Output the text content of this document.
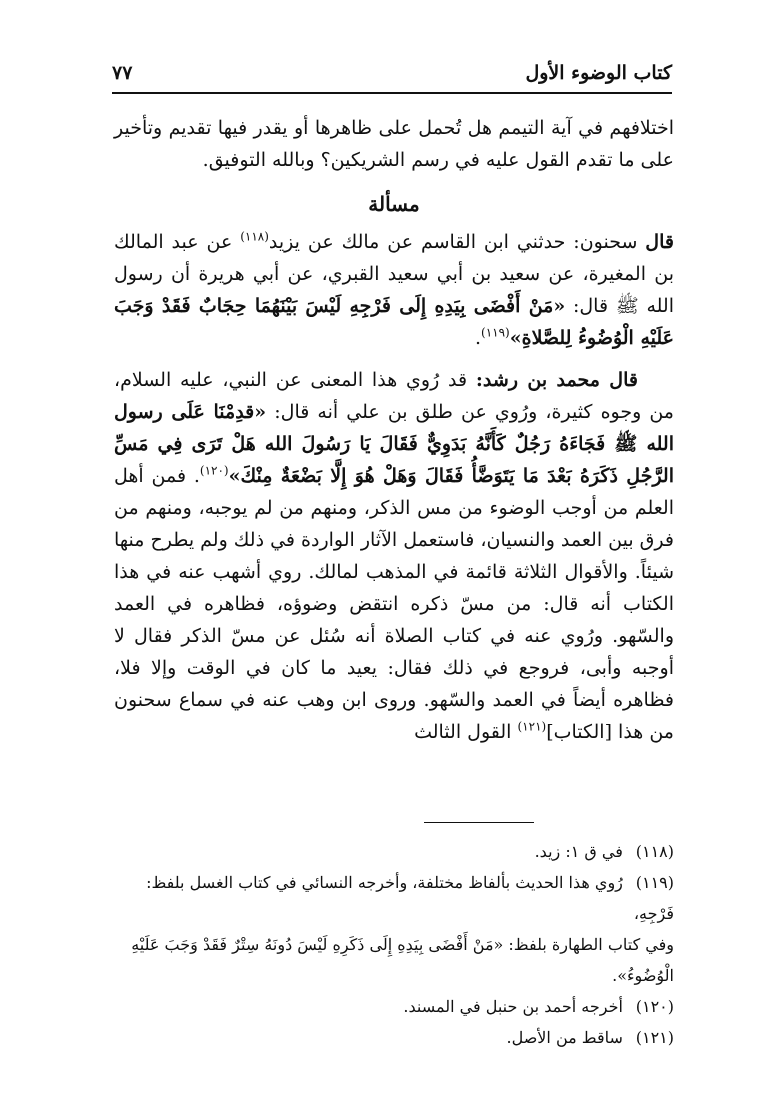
كتاب الوضوء الأول
٧٧

اختلافهم في آية التيمم هل تُحمل على ظاهرها أو يقدر فيها تقديم وتأخير على ما تقدم القول عليه في رسم الشريكين؟ وبالله التوفيق.

مسألة

قال سحنون: حدثني ابن القاسم عن مالك عن يزيد$^{(١١٨)}$ عن عبد المالك بن المغيرة، عن سعيد بن أبي سعيد القبري، عن أبي هريرة أن رسول الله ﷺ قال: «مَنْ أَفْضَى بِيَدِهِ إِلَى فَرْجِهِ لَيْسَ بَيْنَهُمَا حِجَابٌ فَقَدْ وَجَبَ عَلَيْهِ الْوُضُوءُ لِلصَّلاةِ»$^{(١١٩)}$.

قال محمد بن رشد: قد رُوي هذا المعنى عن النبي، عليه السلام، من وجوه كثيرة، ورُوي عن طلق بن علي أنه قال: «قدِمْنَا عَلَى رسول الله ﷺ فَجَاءَهُ رَجُلٌ كَأَنَّهُ بَدَوِيٌّ فَقَالَ يَا رَسُولَ الله هَلْ تَرَى فِي مَسِّ الرَّجُلِ ذَكَرَهُ بَعْدَ مَا يَتَوَضَّأُ فَقَالَ وَهَلْ هُوَ إِلَّا بَضْعَةٌ مِنْكَ»$^{(١٢٠)}$. فمن أهل العلم من أوجب الوضوء من مس الذكر، ومنهم من لم يوجبه، ومنهم من فرق بين العمد والنسيان، فاستعمل الآثار الواردة في ذلك ولم يطرح منها شيئاً. والأقوال الثلاثة قائمة في المذهب لمالك. روي أشهب عنه في هذا الكتاب أنه قال: من مسّ ذكره انتقض وضوؤه، فظاهره في العمد والسّهو. ورُوي عنه في كتاب الصلاة أنه سُئل عن مسّ الذكر فقال لا أوجبه وأبى، فروجع في ذلك فقال: يعيد ما كان في الوقت وإلا فلا، فظاهره أيضاً في العمد والسّهو. وروى ابن وهب عنه في سماع سحنون من هذا [الكتاب]$^{(١٢١)}$ القول الثالث

(١١٨) في ق ١: زيد.

(١١٩) رُوي هذا الحديث بألفاظ مختلفة، وأخرجه النسائي في كتاب الغسل بلفظ: فَرْجِهِ،

وفي كتاب الطهارة بلفظ: «مَنْ أَفْضَى بِيَدِهِ إِلَى ذَكَرِهِ لَيْسَ دُونَهُ سِتْرٌ فَقَدْ وَجَبَ عَلَيْهِ الْوُضُوءُ».

(١٢٠) أخرجه أحمد بن حنبل في المسند.

(١٢١) ساقط من الأصل.
